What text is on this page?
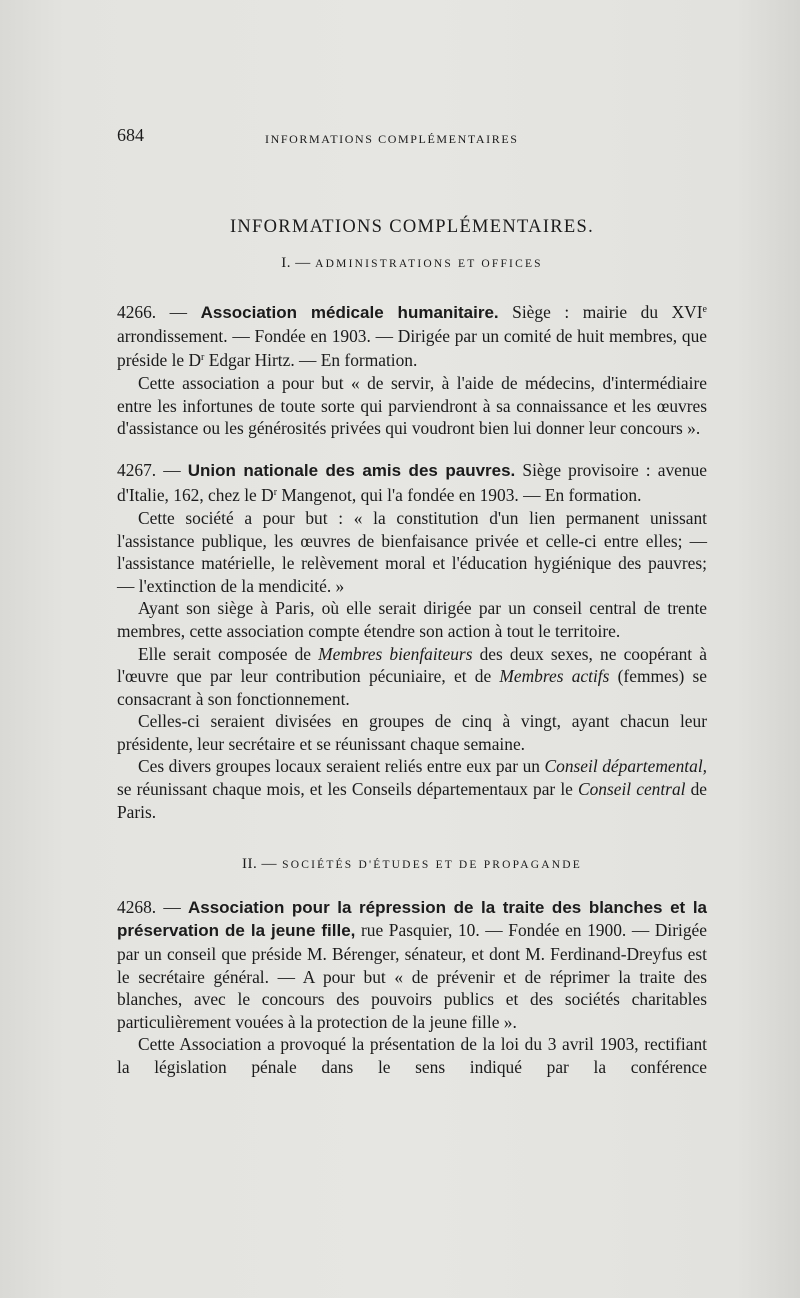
684	INFORMATIONS COMPLÉMENTAIRES
INFORMATIONS COMPLÉMENTAIRES.
I. — ADMINISTRATIONS ET OFFICES

4266. — Association médicale humanitaire. Siège : mairie du XVIe arrondissement. — Fondée en 1903. — Dirigée par un comité de huit membres, que préside le $D^r$ Edgar Hirtz. — En formation.

Cette association a pour but « de servir, à l'aide de médecins, d'intermédiaire entre les infortunes de toute sorte qui parviendront à sa connaissance et les œuvres d'assistance ou les générosités privées qui voudront bien lui donner leur concours ».

4267. — Union nationale des amis des pauvres. Siège provisoire : avenue d'Italie, 162, chez le $D^r$ Mangenot, qui l'a fondée en 1903. — En formation.

Cette société a pour but : « la constitution d'un lien permanent unissant l'assistance publique, les œuvres de bienfaisance privée et celle-ci entre elles; — l'assistance matérielle, le relèvement moral et l'éducation hygiénique des pauvres; — l'extinction de la mendicité. »

Ayant son siège à Paris, où elle serait dirigée par un conseil central de trente membres, cette association compte étendre son action à tout le territoire.

Elle serait composée de Membres bienfaiteurs des deux sexes, ne coopérant à l'œuvre que par leur contribution pécuniaire, et de Membres actifs (femmes) se consacrant à son fonctionnement.

Celles-ci seraient divisées en groupes de cinq à vingt, ayant chacun leur présidente, leur secrétaire et se réunissant chaque semaine.

Ces divers groupes locaux seraient reliés entre eux par un Conseil départemental, se réunissant chaque mois, et les Conseils départementaux par le Conseil central de Paris.

II. — SOCIÉTÉS D'ÉTUDES ET DE PROPAGANDE

4268. — Association pour la répression de la traite des blanches et la préservation de la jeune fille, rue Pasquier, 10. — Fondée en 1900. — Dirigée par un conseil que préside M. Bérenger, sénateur, et dont M. Ferdinand-Dreyfus est le secrétaire général. — A pour but « de prévenir et de réprimer la traite des blanches, avec le concours des pouvoirs publics et des sociétés charitables particulièrement vouées à la protection de la jeune fille ».

Cette Association a provoqué la présentation de la loi du 3 avril 1903, rectifiant la législation pénale dans le sens indiqué par la conférence
